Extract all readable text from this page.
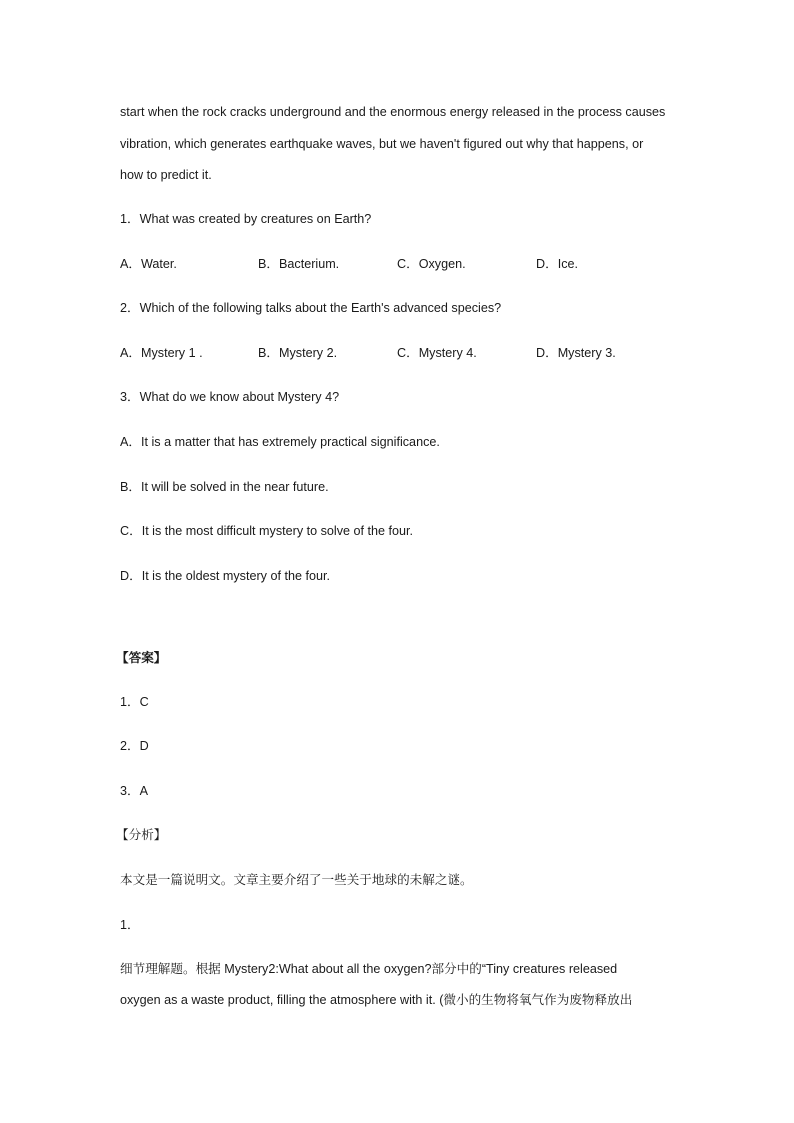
start when the rock cracks underground and the enormous energy released in the process causes
vibration, which generates earthquake waves, but we haven't figured out why that happens, or
how to predict it.
1．What was created by creatures on Earth?
A．Water.	B．Bacterium.	C．Oxygen.	D．Ice.
2．Which of the following talks about the Earth's advanced species?
A．Mystery 1 .	B．Mystery 2.	C．Mystery 4.	D．Mystery 3.
3．What do we know about Mystery 4?
A．It is a matter that has extremely practical significance.
B．It will be solved in the near future.
C．It is the most difficult mystery to solve of the four.
D．It is the oldest mystery of the four.
【答案】
1．C
2．D
3．A
【分析】
本文是一篇说明文。文章主要介绍了一些关于地球的未解之谜。
1．
细节理解题。根据 Mystery2:What about all the oxygen?部分中的“Tiny creatures released
oxygen as a waste product, filling the atmosphere with it. (微小的生物将氧气作为废物释放出
